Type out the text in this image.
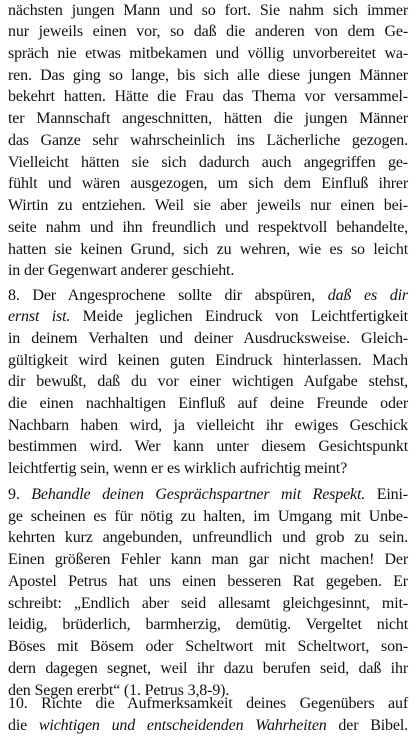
nächsten jungen Mann und so fort. Sie nahm sich immer
nur jeweils einen vor, so daß die anderen von dem Ge-
spräch nie etwas mitbekamen und völlig unvorbereitet wa-
ren. Das ging so lange, bis sich alle diese jungen Männer
bekehrt hatten. Hätte die Frau das Thema vor versammel-
ter Mannschaft angeschnitten, hätten die jungen Männer
das Ganze sehr wahrscheinlich ins Lächerliche gezogen.
Vielleicht hätten sie sich dadurch auch angegriffen ge-
fühlt und wären ausgezogen, um sich dem Einfluß ihrer
Wirtin zu entziehen. Weil sie aber jeweils nur einen bei-
seite nahm und ihn freundlich und respektvoll behandelte,
hatten sie keinen Grund, sich zu wehren, wie es so leicht
in der Gegenwart anderer geschieht.
8. Der Angesprochene sollte dir abspüren, daß es dir
ernst ist. Meide jeglichen Eindruck von Leichtfertigkeit
in deinem Verhalten und deiner Ausdrucksweise. Gleich-
gültigkeit wird keinen guten Eindruck hinterlassen. Mach
dir bewußt, daß du vor einer wichtigen Aufgabe stehst,
die einen nachhaltigen Einfluß auf deine Freunde oder
Nachbarn haben wird, ja vielleicht ihr ewiges Geschick
bestimmen wird. Wer kann unter diesem Gesichtspunkt
leichtfertig sein, wenn er es wirklich aufrichtig meint?
9. Behandle deinen Gesprächspartner mit Respekt. Eini-
ge scheinen es für nötig zu halten, im Umgang mit Unbe-
kehrten kurz angebunden, unfreundlich und grob zu sein.
Einen größeren Fehler kann man gar nicht machen! Der
Apostel Petrus hat uns einen besseren Rat gegeben. Er
schreibt: „Endlich aber seid allesamt gleichgesinnt, mit-
leidig, brüderlich, barmherzig, demütig. Vergeltet nicht
Böses mit Bösem oder Scheltwort mit Scheltwort, son-
dern dagegen segnet, weil ihr dazu berufen seid, daß ihr
den Segen ererbt“ (1. Petrus 3,8-9).
10. Richte die Aufmerksamkeit deines Gegenübers auf
die wichtigen und entscheidenden Wahrheiten der Bibel.
